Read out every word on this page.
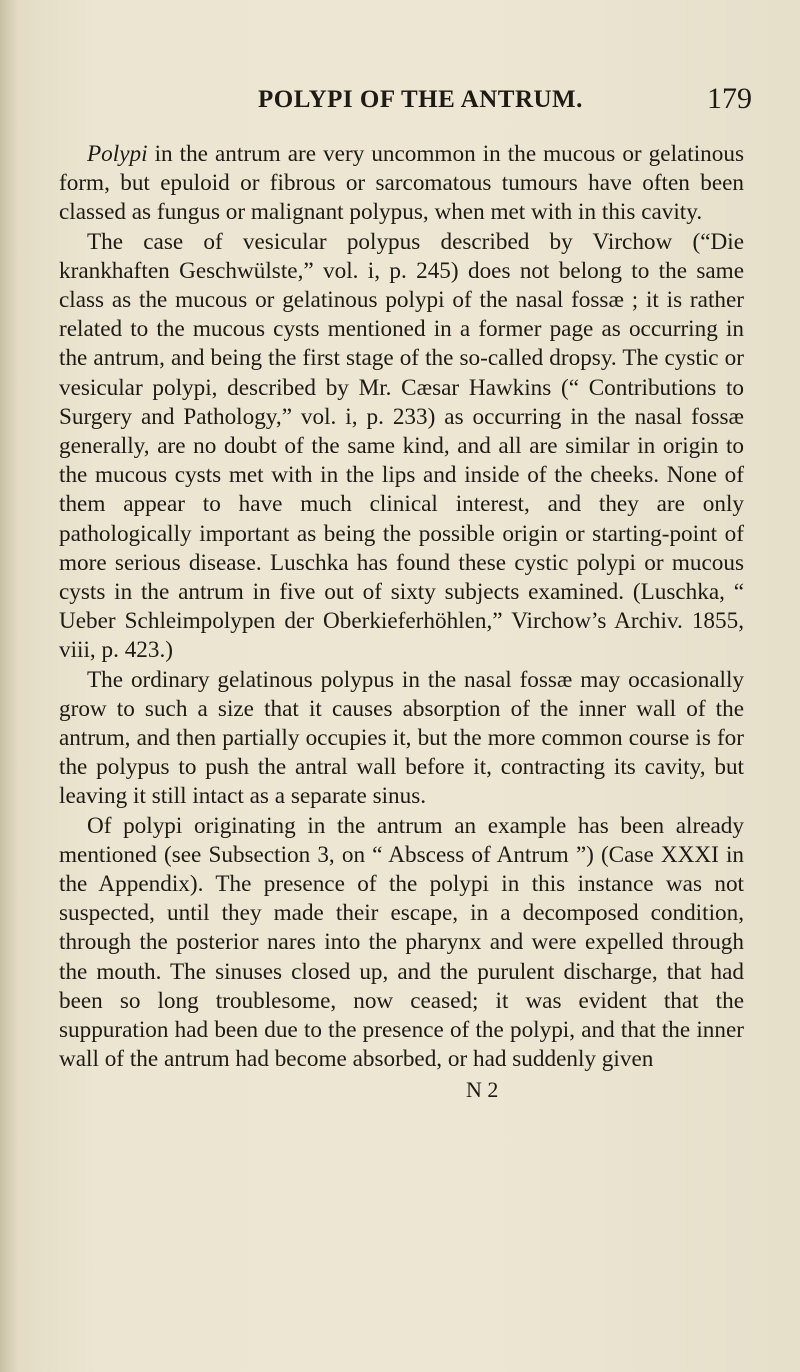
POLYPI OF THE ANTRUM.	179

Polypi in the antrum are very uncommon in the mucous or gelatinous form, but epuloid or fibrous or sarcomatous tumours have often been classed as fungus or malignant polypus, when met with in this cavity.

The case of vesicular polypus described by Virchow (“Die krankhaften Geschwülste,” vol. i, p. 245) does not belong to the same class as the mucous or gelatinous polypi of the nasal fossæ ; it is rather related to the mucous cysts mentioned in a former page as occurring in the antrum, and being the first stage of the so-called dropsy. The cystic or vesicular polypi, described by Mr. Cæsar Hawkins (“ Contributions to Surgery and Pathology,” vol. i, p. 233) as occurring in the nasal fossæ generally, are no doubt of the same kind, and all are similar in origin to the mucous cysts met with in the lips and inside of the cheeks. None of them appear to have much clinical interest, and they are only pathologically important as being the possible origin or starting-point of more serious disease. Luschka has found these cystic polypi or mucous cysts in the antrum in five out of sixty subjects examined. (Luschka, “ Ueber Schleimpolypen der Oberkieferhöhlen,” Virchow’s Archiv. 1855, viii, p. 423.)

The ordinary gelatinous polypus in the nasal fossæ may occasionally grow to such a size that it causes absorption of the inner wall of the antrum, and then partially occupies it, but the more common course is for the polypus to push the antral wall before it, contracting its cavity, but leaving it still intact as a separate sinus.

Of polypi originating in the antrum an example has been already mentioned (see Subsection 3, on “ Abscess of Antrum ”) (Case XXXI in the Appendix). The presence of the polypi in this instance was not suspected, until they made their escape, in a decomposed condition, through the posterior nares into the pharynx and were expelled through the mouth. The sinuses closed up, and the purulent discharge, that had been so long troublesome, now ceased; it was evident that the suppuration had been due to the presence of the polypi, and that the inner wall of the antrum had become absorbed, or had suddenly given

N 2
